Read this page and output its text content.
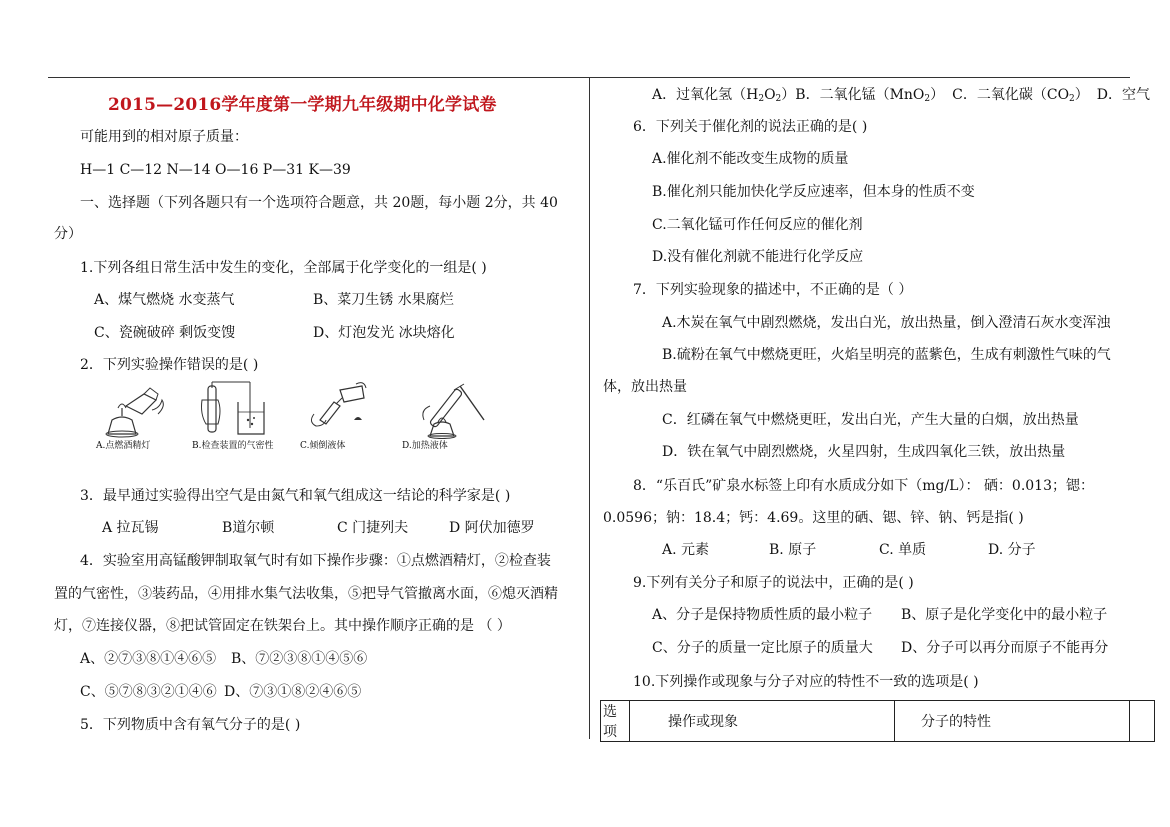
2015—2016学年度第一学期九年级期中化学试卷
可能用到的相对原子质量：
H—1 C—12 N—14 O—16 P—31 K—39
一、选择题（下列各题只有一个选项符合题意，共 20题，每小题 2分，共 40
分）
1.下列各组日常生活中发生的变化，全部属于化学变化的一组是( )
A、煤气燃烧 水变蒸气	B、菜刀生锈 水果腐烂
C、瓷碗破碎 剩饭变馊	D、灯泡发光 冰块熔化
2．下列实验操作错误的是( )
A.点燃酒精灯	B.检查装置的气密性	C.倾倒液体	D.加热液体
3．最早通过实验得出空气是由氮气和氧气组成这一结论的科学家是( )
A 拉瓦锡	B道尔顿	C 门捷列夫	D 阿伏加德罗
4．实验室用高锰酸钾制取氧气时有如下操作步骤：①点燃酒精灯，②检查装
置的气密性，③装药品，④用排水集气法收集，⑤把导气管撤离水面，⑥熄灭酒精
灯，⑦连接仪器，⑧把试管固定在铁架台上。其中操作顺序正确的是 （ ）
A、②⑦③⑧①④⑥⑤ B、⑦②③⑧①④⑤⑥
C、⑤⑦⑧③②①④⑥ D、⑦③①⑧②④⑥⑤
5．下列物质中含有氧气分子的是( )
A．过氧化氢$(H_2O_2)B$．二氧化锰（MnO$_2$） C．二氧化碳$(CO_2)$ D．空气
6．下列关于催化剂的说法正确的是( )
A.催化剂不能改变生成物的质量
B.催化剂只能加快化学反应速率，但本身的性质不变
C.二氧化锰可作任何反应的催化剂
D.没有催化剂就不能进行化学反应
7．下列实验现象的描述中，不正确的是（ ）
A.木炭在氧气中剧烈燃烧，发出白光，放出热量，倒入澄清石灰水变浑浊
B.硫粉在氧气中燃烧更旺，火焰呈明亮的蓝紫色，生成有刺激性气味的气
体，放出热量
C．红磷在氧气中燃烧更旺，发出白光，产生大量的白烟，放出热量
D．铁在氧气中剧烈燃烧，火星四射，生成四氧化三铁，放出热量
8．“乐百氏”矿泉水标签上印有水质成分如下（mg/L）： 硒：0.013；锶：
0.0596；钠：18.4；钙：4.69。这里的硒、锶、锌、钠、钙是指( )
A. 元素	B. 原子	C. 单质	D. 分子
9.下列有关分子和原子的说法中，正确的是( )
A、分子是保持物质性质的最小粒子 B、原子是化学变化中的最小粒子
C、分子的质量一定比原子的质量大 D、分子可以再分而原子不能再分
10.下列操作或现象与分子对应的特性不一致的选项是( )
选项	操作或现象	分子的特性	
